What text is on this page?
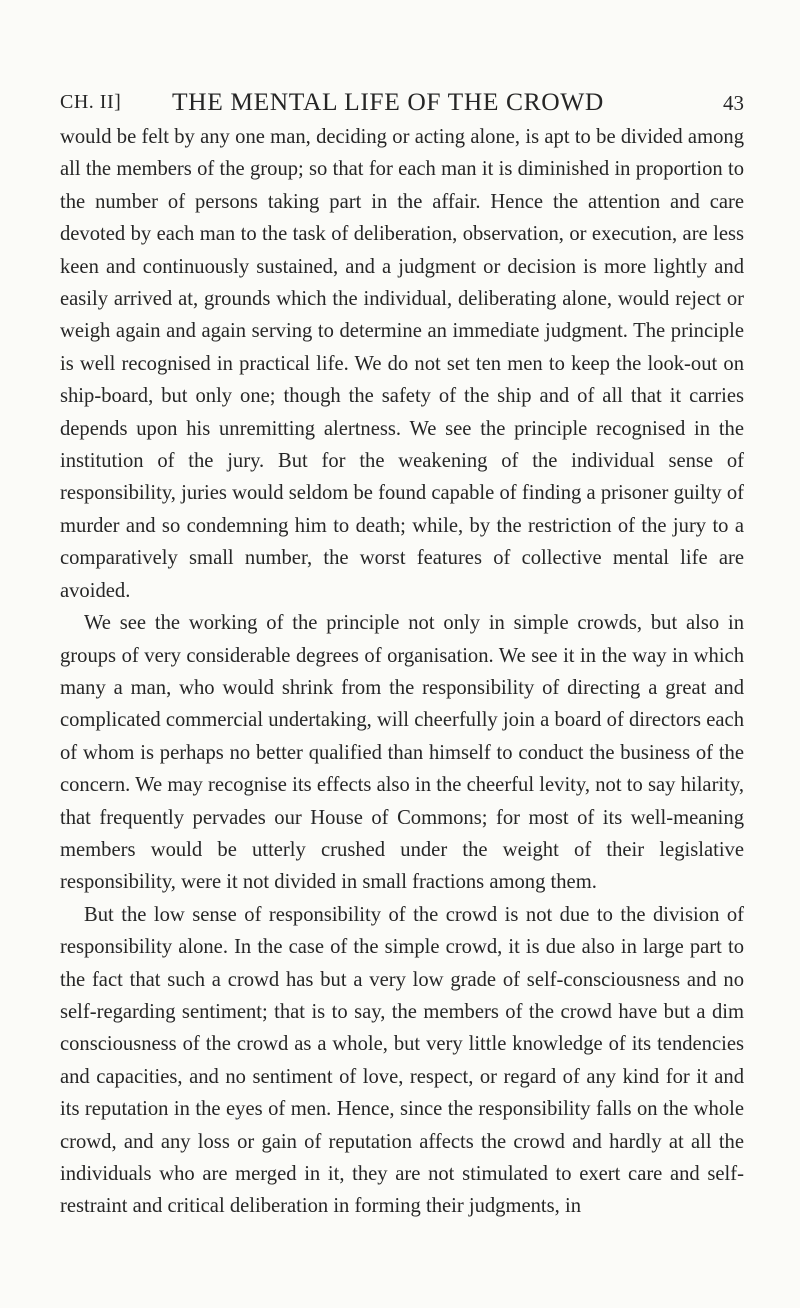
CH. II] THE MENTAL LIFE OF THE CROWD	43

would be felt by any one man, deciding or acting alone, is apt to be divided among all the members of the group; so that for each man it is diminished in proportion to the number of persons taking part in the affair. Hence the attention and care devoted by each man to the task of deliberation, observation, or execution, are less keen and continuously sustained, and a judgment or decision is more lightly and easily arrived at, grounds which the individual, deliberating alone, would reject or weigh again and again serving to determine an immediate judgment. The principle is well recognised in practical life. We do not set ten men to keep the look-out on ship-board, but only one; though the safety of the ship and of all that it carries depends upon his unremitting alertness. We see the principle recognised in the institution of the jury. But for the weakening of the individual sense of responsibility, juries would seldom be found capable of finding a prisoner guilty of murder and so condemning him to death; while, by the restriction of the jury to a comparatively small number, the worst features of collective mental life are avoided.

We see the working of the principle not only in simple crowds, but also in groups of very considerable degrees of organisation. We see it in the way in which many a man, who would shrink from the responsibility of directing a great and complicated commercial undertaking, will cheerfully join a board of directors each of whom is perhaps no better qualified than himself to conduct the business of the concern. We may recognise its effects also in the cheerful levity, not to say hilarity, that frequently pervades our House of Commons; for most of its well-meaning members would be utterly crushed under the weight of their legislative responsibility, were it not divided in small fractions among them.

But the low sense of responsibility of the crowd is not due to the division of responsibility alone. In the case of the simple crowd, it is due also in large part to the fact that such a crowd has but a very low grade of self-consciousness and no self-regarding sentiment; that is to say, the members of the crowd have but a dim consciousness of the crowd as a whole, but very little knowledge of its tendencies and capacities, and no sentiment of love, respect, or regard of any kind for it and its reputation in the eyes of men. Hence, since the responsibility falls on the whole crowd, and any loss or gain of reputation affects the crowd and hardly at all the individuals who are merged in it, they are not stimulated to exert care and self-restraint and critical deliberation in forming their judgments, in
